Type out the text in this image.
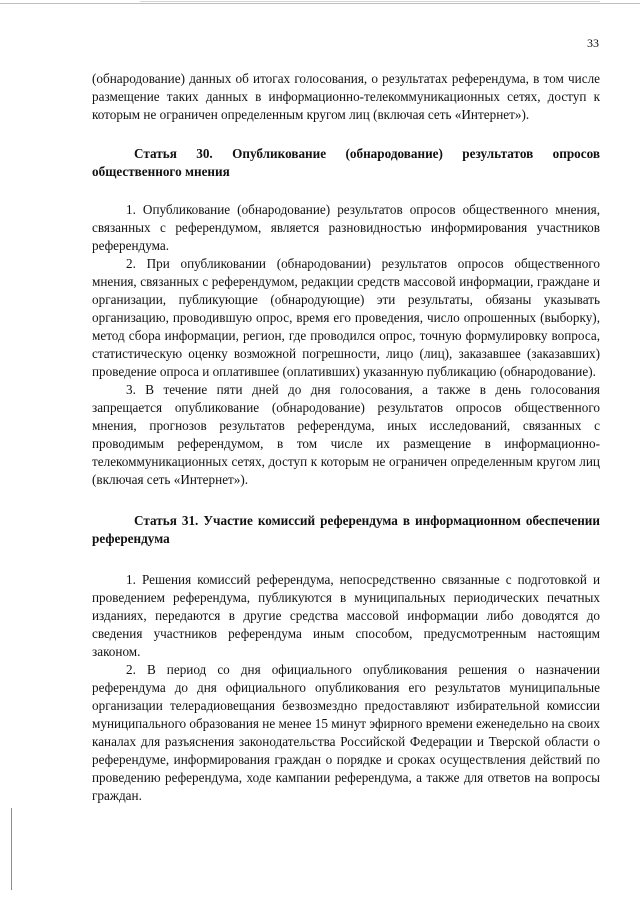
33

(обнародование) данных об итогах голосования, о результатах референдума, в том числе размещение таких данных в информационно-телекоммуникационных сетях, доступ к которым не ограничен определенным кругом лиц (включая сеть «Интернет»).

Статья 30. Опубликование (обнародование) результатов опросов общественного мнения

1. Опубликование (обнародование) результатов опросов общественного мнения, связанных с референдумом, является разновидностью информирования участников референдума.

2. При опубликовании (обнародовании) результатов опросов общественного мнения, связанных с референдумом, редакции средств массовой информации, граждане и организации, публикующие (обнародующие) эти результаты, обязаны указывать организацию, проводившую опрос, время его проведения, число опрошенных (выборку), метод сбора информации, регион, где проводился опрос, точную формулировку вопроса, статистическую оценку возможной погрешности, лицо (лиц), заказавшее (заказавших) проведение опроса и оплатившее (оплативших) указанную публикацию (обнародование).

3. В течение пяти дней до дня голосования, а также в день голосования запрещается опубликование (обнародование) результатов опросов общественного мнения, прогнозов результатов референдума, иных исследований, связанных с проводимым референдумом, в том числе их размещение в информационно-телекоммуникационных сетях, доступ к которым не ограничен определенным кругом лиц (включая сеть «Интернет»).

Статья 31. Участие комиссий референдума в информационном обеспечении референдума

1. Решения комиссий референдума, непосредственно связанные с подготовкой и проведением референдума, публикуются в муниципальных периодических печатных изданиях, передаются в другие средства массовой информации либо доводятся до сведения участников референдума иным способом, предусмотренным настоящим законом.

2. В период со дня официального опубликования решения о назначении референдума до дня официального опубликования его результатов муниципальные организации телерадиовещания безвозмездно предоставляют избирательной комиссии муниципального образования не менее 15 минут эфирного времени еженедельно на своих каналах для разъяснения законодательства Российской Федерации и Тверской области о референдуме, информирования граждан о порядке и сроках осуществления действий по проведению референдума, ходе кампании референдума, а также для ответов на вопросы граждан.
